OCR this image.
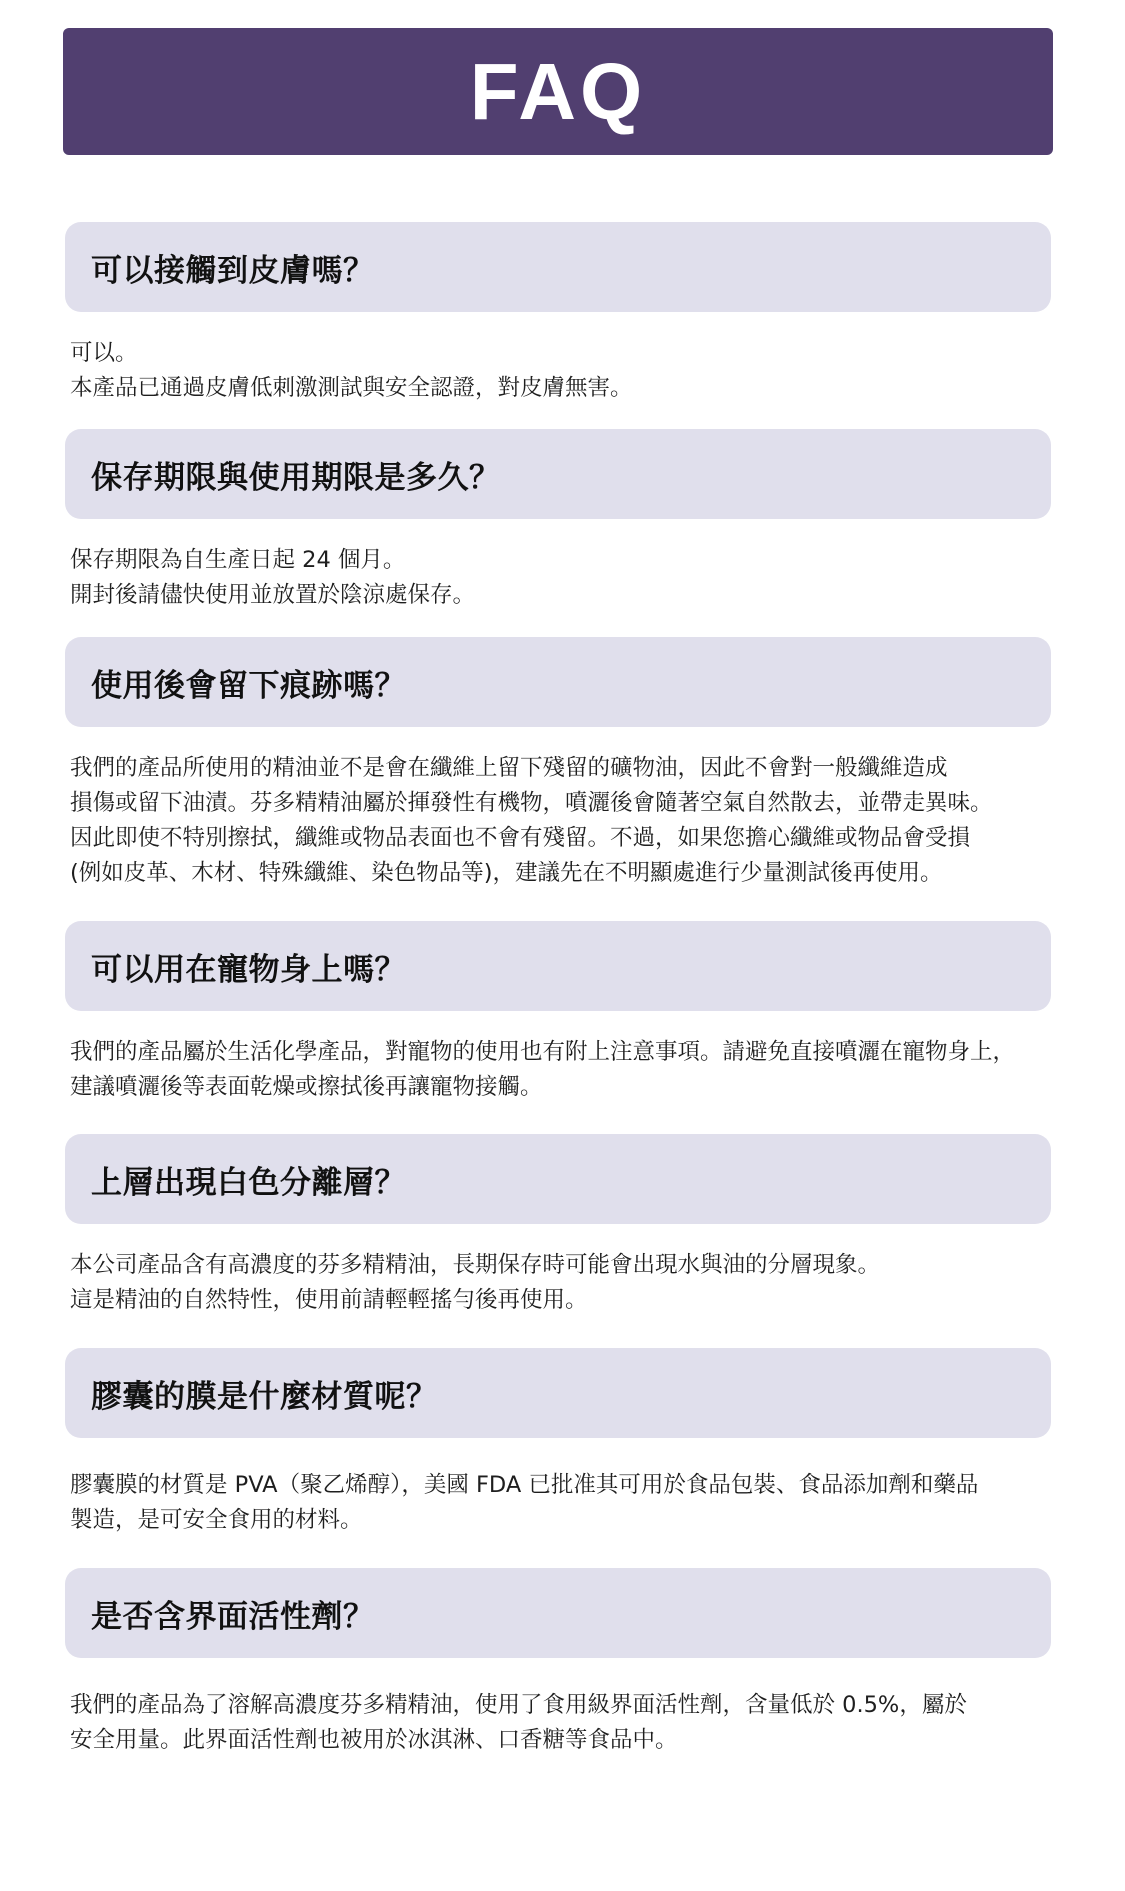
FAQ
可以接觸到皮膚嗎？
可以。
本產品已通過皮膚低刺激測試與安全認證，對皮膚無害。
保存期限與使用期限是多久？
保存期限為自生產日起 24 個月。
開封後請儘快使用並放置於陰涼處保存。
使用後會留下痕跡嗎？
我們的產品所使用的精油並不是會在纖維上留下殘留的礦物油，因此不會對一般纖維造成
損傷或留下油漬。芬多精精油屬於揮發性有機物，噴灑後會隨著空氣自然散去，並帶走異味。
因此即使不特別擦拭，纖維或物品表面也不會有殘留。不過，如果您擔心纖維或物品會受損
(例如皮革、木材、特殊纖維、染色物品等)，建議先在不明顯處進行少量測試後再使用。
可以用在寵物身上嗎？
我們的產品屬於生活化學產品，對寵物的使用也有附上注意事項。請避免直接噴灑在寵物身上，
建議噴灑後等表面乾燥或擦拭後再讓寵物接觸。
上層出現白色分離層？
本公司產品含有高濃度的芬多精精油，長期保存時可能會出現水與油的分層現象。
這是精油的自然特性，使用前請輕輕搖勻後再使用。
膠囊的膜是什麼材質呢？
膠囊膜的材質是 PVA（聚乙烯醇），美國 FDA 已批准其可用於食品包裝、食品添加劑和藥品
製造，是可安全食用的材料。
是否含界面活性劑？
我們的產品為了溶解高濃度芬多精精油，使用了食用級界面活性劑，含量低於 0.5%，屬於
安全用量。此界面活性劑也被用於冰淇淋、口香糖等食品中。
